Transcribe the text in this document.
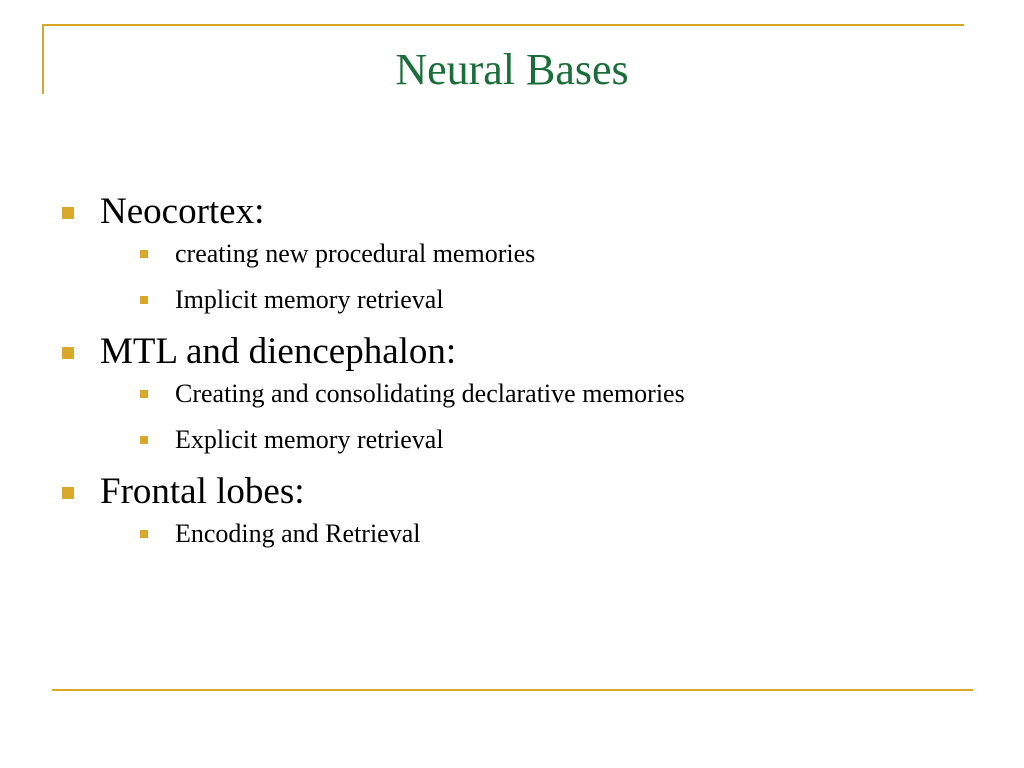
Neural Bases
Neocortex:
creating new procedural memories
Implicit memory retrieval
MTL and diencephalon:
Creating and consolidating declarative memories
Explicit memory retrieval
Frontal lobes:
Encoding and Retrieval
